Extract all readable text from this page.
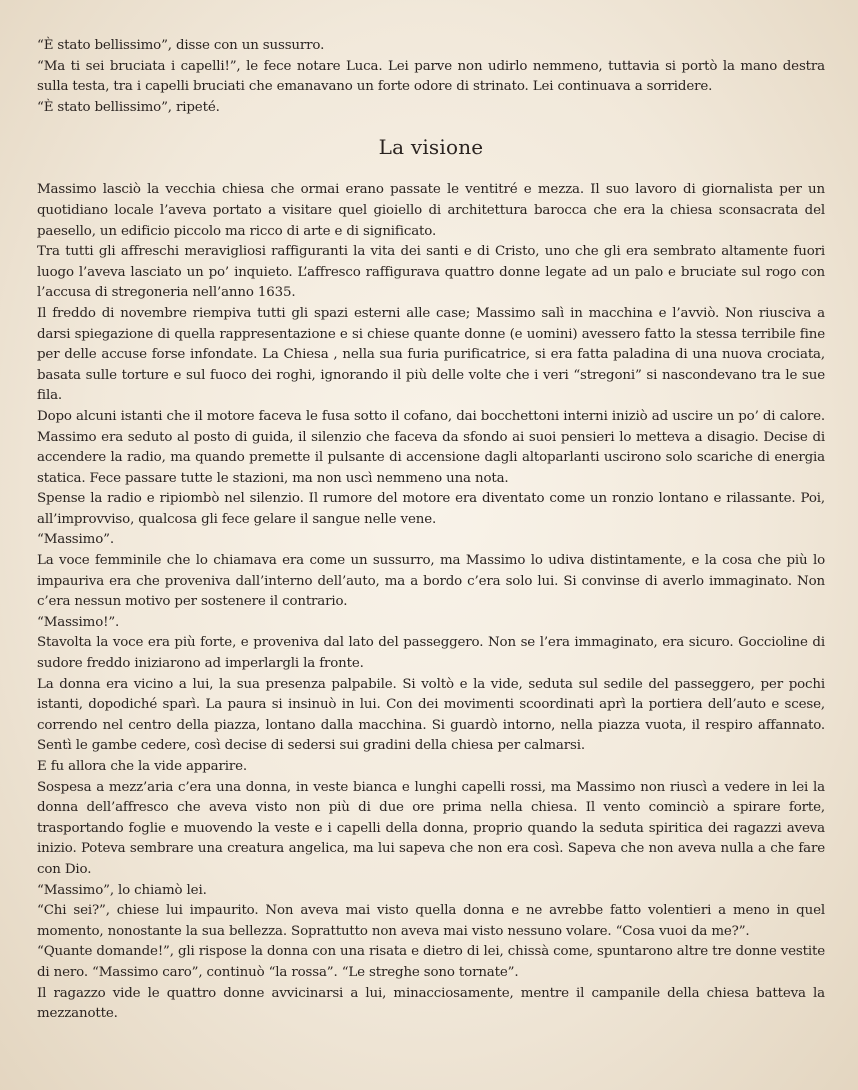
“È stato bellissimo”, disse con un sussurro.

“Ma ti sei bruciata i capelli!”, le fece notare Luca. Lei parve non udirlo nemmeno, tuttavia si portò la mano destra sulla testa, tra i capelli bruciati che emanavano un forte odore di strinato. Lei continuava a sorridere.

“È stato bellissimo”, ripeté.

La visione

Massimo lasciò la vecchia chiesa che ormai erano passate le ventitré e mezza. Il suo lavoro di giornalista per un quotidiano locale l’aveva portato a visitare quel gioiello di architettura barocca che era la chiesa sconsacrata del paesello, un edificio piccolo ma ricco di arte e di significato.

Tra tutti gli affreschi meravigliosi raffiguranti la vita dei santi e di Cristo, uno che gli era sembrato altamente fuori luogo l’aveva lasciato un po’ inquieto. L’affresco raffigurava quattro donne legate ad un palo e bruciate sul rogo con l’accusa di stregoneria nell’anno 1635.

Il freddo di novembre riempiva tutti gli spazi esterni alle case; Massimo salì in macchina e l’avviò. Non riusciva a darsi spiegazione di quella rappresentazione e si chiese quante donne (e uomini) avessero fatto la stessa terribile fine per delle accuse forse infondate. La Chiesa , nella sua furia purificatrice, si era fatta paladina di una nuova crociata, basata sulle torture e sul fuoco dei roghi, ignorando il più delle volte che i veri “stregoni” si nascondevano tra le sue fila.

Dopo alcuni istanti che il motore faceva le fusa sotto il cofano, dai bocchettoni interni iniziò ad uscire un po’ di calore. Massimo era seduto al posto di guida, il silenzio che faceva da sfondo ai suoi pensieri lo metteva a disagio. Decise di accendere la radio, ma quando premette il pulsante di accensione dagli altoparlanti uscirono solo scariche di energia statica. Fece passare tutte le stazioni, ma non uscì nemmeno una nota.

Spense la radio e ripiombò nel silenzio. Il rumore del motore era diventato come un ronzio lontano e rilassante. Poi, all’improvviso, qualcosa gli fece gelare il sangue nelle vene.

“Massimo”.

La voce femminile che lo chiamava era come un sussurro, ma Massimo lo udiva distintamente, e la cosa che più lo impauriva era che proveniva dall’interno dell’auto, ma a bordo c’era solo lui. Si convinse di averlo immaginato. Non c’era nessun motivo per sostenere il contrario.

“Massimo!”.

Stavolta la voce era più forte, e proveniva dal lato del passeggero. Non se l’era immaginato, era sicuro. Goccioline di sudore freddo iniziarono ad imperlargli la fronte.

La donna era vicino a lui, la sua presenza palpabile. Si voltò e la vide, seduta sul sedile del passeggero, per pochi istanti, dopodiché sparì. La paura si insinuò in lui. Con dei movimenti scoordinati aprì la portiera dell’auto e scese, correndo nel centro della piazza, lontano dalla macchina. Si guardò intorno, nella piazza vuota, il respiro affannato. Sentì le gambe cedere, così decise di sedersi sui gradini della chiesa per calmarsi.

E fu allora che la vide apparire.

Sospesa a mezz’aria c’era una donna, in veste bianca e lunghi capelli rossi, ma Massimo non riuscì a vedere in lei la donna dell’affresco che aveva visto non più di due ore prima nella chiesa. Il vento cominciò a spirare forte, trasportando foglie e muovendo la veste e i capelli della donna, proprio quando la seduta spiritica dei ragazzi aveva inizio. Poteva sembrare una creatura angelica, ma lui sapeva che non era così. Sapeva che non aveva nulla a che fare con Dio.

“Massimo”, lo chiamò lei.

“Chi sei?”, chiese lui impaurito. Non aveva mai visto quella donna e ne avrebbe fatto volentieri a meno in quel momento, nonostante la sua bellezza. Soprattutto non aveva mai visto nessuno volare. “Cosa vuoi da me?”.

“Quante domande!”, gli rispose la donna con una risata e dietro di lei, chissà come, spuntarono altre tre donne vestite di nero. “Massimo caro”, continuò “la rossa”. “Le streghe sono tornate”.

Il ragazzo vide le quattro donne avvicinarsi a lui, minacciosamente, mentre il campanile della chiesa batteva la mezzanotte.
